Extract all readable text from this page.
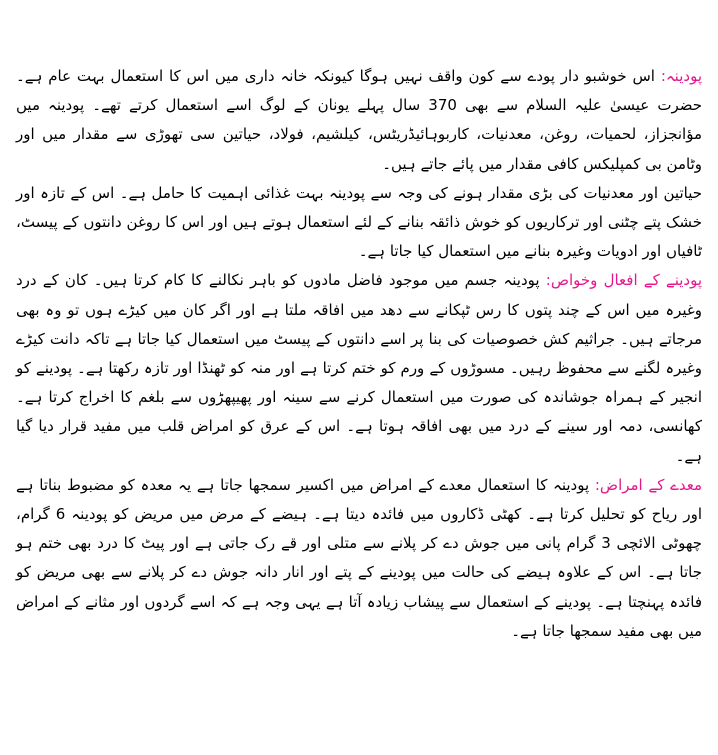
پودینہ: اس خوشبو دار پودے سے کون واقف نہیں ہوگا کیونکہ خانہ داری میں اس کا استعمال بہت عام ہے۔ حضرت عیسیٰ علیہ السلام سے بھی 370 سال پہلے یونان کے لوگ اسے استعمال کرتے تھے۔ پودینہ میں مؤانجزاز، لحمیات، روغن، معدنیات، کاربوہائیڈریٹس، کیلشیم، فولاد، حیاتین سی تھوڑی سے مقدار میں اور وٹامن بی کمپلیکس کافی مقدار میں پائے جاتے ہیں۔

حیاتین اور معدنیات کی بڑی مقدار ہونے کی وجہ سے پودینہ بہت غذائی اہمیت کا حامل ہے۔ اس کے تازہ اور خشک پتے چٹنی اور ترکاریوں کو خوش ذائقہ بنانے کے لئے استعمال ہوتے ہیں اور اس کا روغن دانتوں کے پیسٹ، ٹافیاں اور ادویات وغیرہ بنانے میں استعمال کیا جاتا ہے۔

پودینے کے افعال وخواص: پودینہ جسم میں موجود فاضل مادوں کو باہر نکالنے کا کام کرتا ہیں۔ کان کے درد وغیرہ میں اس کے چند پتوں کا رس ٹپکانے سے دھد میں افاقہ ملتا ہے اور اگر کان میں کیڑے ہوں تو وہ بھی مرجاتے ہیں۔ جراثیم کش خصوصیات کی بنا پر اسے دانتوں کے پیسٹ میں استعمال کیا جاتا ہے تاکہ دانت کیڑے وغیرہ لگنے سے محفوظ رہیں۔ مسوڑوں کے ورم کو ختم کرتا ہے اور منہ کو ٹھنڈا اور تازہ رکھتا ہے۔ پودینے کو انجیر کے ہمراہ جوشاندہ کی صورت میں استعمال کرنے سے سینہ اور پھیپھڑوں سے بلغم کا اخراج کرتا ہے۔ کھانسی، دمہ اور سینے کے درد میں بھی افاقہ ہوتا ہے۔ اس کے عرق کو امراض قلب میں مفید قرار دیا گیا ہے۔

معدے کے امراض: پودینہ کا استعمال معدے کے امراض میں اکسیر سمجھا جاتا ہے یہ معدہ کو مضبوط بناتا ہے اور ریاح کو تحلیل کرتا ہے۔ کھٹی ڈکاروں میں فائدہ دیتا ہے۔ ہیضے کے مرض میں مریض کو پودینہ 6 گرام، چھوٹی الائچی 3 گرام پانی میں جوش دے کر پلانے سے متلی اور قے رک جاتی ہے اور پیٹ کا درد بھی ختم ہو جاتا ہے۔ اس کے علاوہ ہیضے کی حالت میں پودینے کے پتے اور انار دانہ جوش دے کر پلانے سے بھی مریض کو فائدہ پہنچتا ہے۔ پودینے کے استعمال سے پیشاب زیادہ آتا ہے یہی وجہ ہے کہ اسے گردوں اور مثانے کے امراض میں بھی مفید سمجھا جاتا ہے۔
